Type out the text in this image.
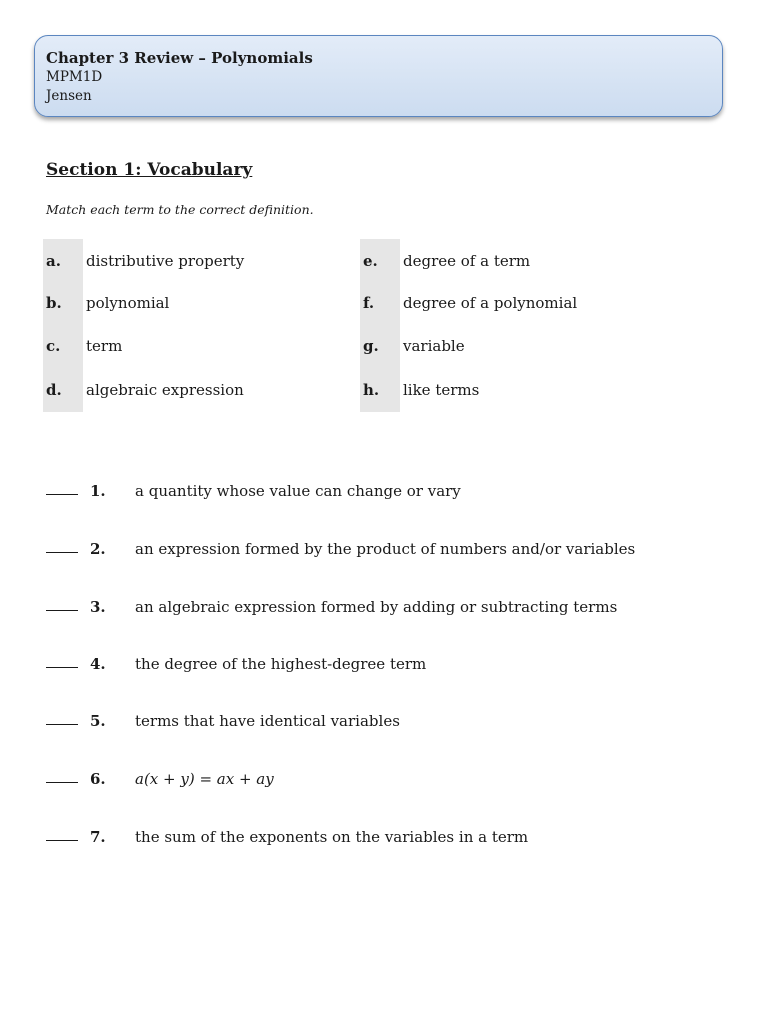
Chapter 3 Review – Polynomials
MPM1D
Jensen
Section 1: Vocabulary
Match each term to the correct definition.
a. distributive property
b. polynomial
c. term
d. algebraic expression
e. degree of a term
f. degree of a polynomial
g. variable
h. like terms
1. a quantity whose value can change or vary
2. an expression formed by the product of numbers and/or variables
3. an algebraic expression formed by adding or subtracting terms
4. the degree of the highest-degree term
5. terms that have identical variables
6. a(x + y) = ax + ay
7. the sum of the exponents on the variables in a term
